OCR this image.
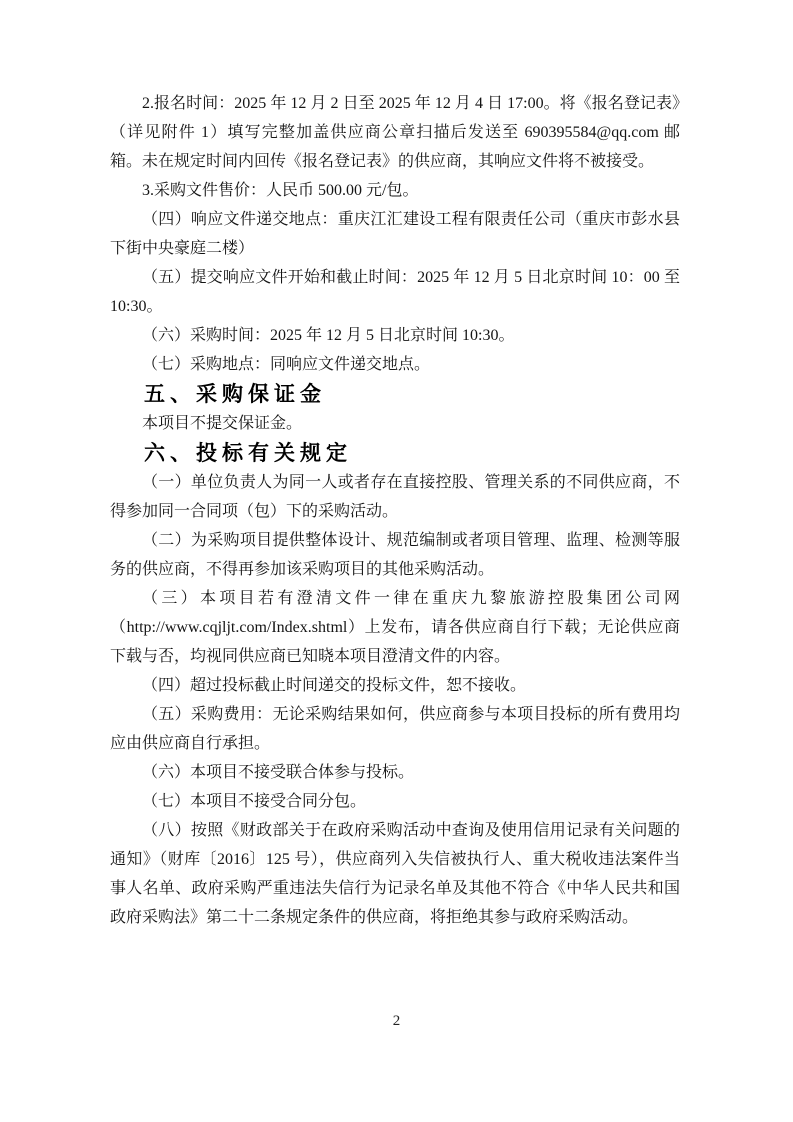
2.报名时间：2025 年 12 月 2 日至 2025 年 12 月 4 日 17:00。将《报名登记表》（详见附件 1）填写完整加盖供应商公章扫描后发送至 690395584@qq.com 邮箱。未在规定时间内回传《报名登记表》的供应商，其响应文件将不被接受。

3.采购文件售价：人民币 500.00 元/包。

（四）响应文件递交地点：重庆江汇建设工程有限责任公司（重庆市彭水县下街中央豪庭二楼）

（五）提交响应文件开始和截止时间：2025 年 12 月 5 日北京时间 10：00 至 10:30。

（六）采购时间：2025 年 12 月 5 日北京时间 10:30。

（七）采购地点：同响应文件递交地点。

五、采购保证金

本项目不提交保证金。

六、投标有关规定

（一）单位负责人为同一人或者存在直接控股、管理关系的不同供应商，不得参加同一合同项（包）下的采购活动。

（二）为采购项目提供整体设计、规范编制或者项目管理、监理、检测等服务的供应商，不得再参加该采购项目的其他采购活动。

（三）本项目若有澄清文件一律在重庆九黎旅游控股集团公司网（http://www.cqjljt.com/Index.shtml）上发布，请各供应商自行下载；无论供应商下载与否，均视同供应商已知晓本项目澄清文件的内容。

（四）超过投标截止时间递交的投标文件，恕不接收。

（五）采购费用：无论采购结果如何，供应商参与本项目投标的所有费用均应由供应商自行承担。

（六）本项目不接受联合体参与投标。

（七）本项目不接受合同分包。

（八）按照《财政部关于在政府采购活动中查询及使用信用记录有关问题的通知》（财库〔2016〕125 号），供应商列入失信被执行人、重大税收违法案件当事人名单、政府采购严重违法失信行为记录名单及其他不符合《中华人民共和国政府采购法》第二十二条规定条件的供应商，将拒绝其参与政府采购活动。

2
